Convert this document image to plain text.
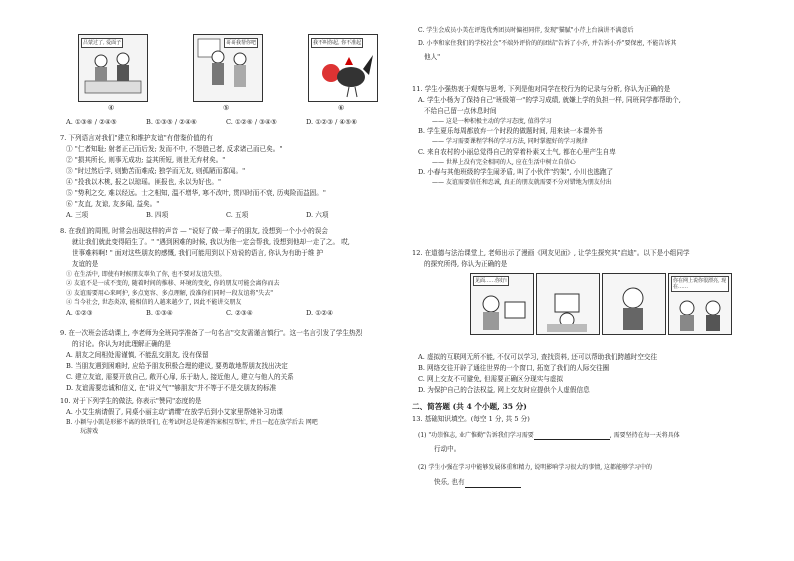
吕蒙过了, 爱面子	哥哥我帮你吧	我不叫你起, 你不准起
④	⑤	⑥
A. ①③⑥ / ②④⑤	B. ①③⑤ / ②④⑥	C. ①②⑥ / ③④⑤	D. ①②③ / ④⑤⑥
7. 下列语言对我们"建立和维护友谊"有借鉴价值的有
① "仁者知耻; 射者正己而后发; 发而不中, 不怨胜己者, 反求诸己而已矣。"
② "损其所长, 则事无成功; 益其所短, 则世无弃材矣。"
③ "时过然后学, 则勤苦而难成; 独学而无友, 则孤陋而寡闻。"
④ "投我以木桃, 报之以琼瑶。匪报也, 永以为好也。"
⑤ "势利之交, 难以经远。士之相知, 温不增华, 寒不改叶, 贯四时而不衰, 历夷险而益固。"
⑥ "友直, 友谅, 友多闻, 益矣。"
A. 三项	B. 四项	C. 五项	D. 六项
8. 在我们的周围, 时常会出现这样的声音 — "说好了做一辈子的朋友, 没想到一个小小的误会
就让我们就此变得陌生了。" "遇到困难的时候, 我以为他一定会帮我, 没想到他却一走了之。 哎,
世事难料啊! " 面对这些朋友的感慨, 我们可能用到以下劝说的语言, 你认为有助于维 护
友谊的是
① 在生活中, 即使有时候朋友辜负了你, 也不要对友谊失望。
② 友谊不是一成不变的, 随着时间的推移、环境的变化, 你的朋友可能会离你而去
③ 友谊需要用心来呵护, 多点宽容、多点理解, 没准你们同时一段友谊将"失去"
④ 当今社会, 世态炎凉, 能相信的人越来越少了, 因此不能讲交朋友
A. ①②③	B. ①③④	C. ②③④	D. ①②④
9. 在一次班会活动课上, 李老师为全班同学准备了一句名言"交友需谨言慎行"。这一名言引发了学生热烈
的讨论。你认为对此理解正确的是
A. 朋友之间相处需谨慎, 不能乱交朋友, 没有保留
B. 当朋友遇到困难时, 应给予朋友积极合理的建议, 要勇敢地帮朋友找出决定
C. 建立友谊, 需要开放自己, 敞开心扉, 乐于助人, 接近他人, 建立与他人的关系
D. 友谊需要忠诚和信义, 在"讲义气""够朋友"并不等于不是交朋友的标准
10. 对于下列学生的做法, 你表示"赞同"态度的是
A. 小艾生病请假了, 同桌小丽主动"请缨"在放学后到小艾家里帮她补习功课
B. 小颖与小凯是形影不离的铁哥们, 在考试时总是传递答案相互帮忙, 并且一起在放学后去 网吧
玩游戏
C. 学生会成员小美在评选优秀团员时偏袒同伴, 发现"猫腻"小芹上台演讲不满意后
D. 小李和家住我们的学校社会"不端外评价的的团结"告诉了小乔, 并告诉小乔"要保密, 不能告诉其
他人"
11. 学生小强热衷于观察与思考, 下列是他对同学在校行为的记录与分析, 你认为正确的是
A. 学生小杨为了保持自己"班级第一"的学习成绩, 就嫌上学的负担一样, 同班同学都帮助个,
不给自己留一点休息时间
—— 这是一种积极主动的学习态度, 值得学习
B. 学生夏乐每周都放弃一个时段的做题时间, 用来读一本课外书
—— 学习需要课程学科的学习方法, 同时掌握好的学习规律
C. 来自农村的小丽总觉得自己的穿着朴素又土气, 都在心里产生自卑
—— 世界上没有完全相同的人, 应在生活中树立自信心
D. 小春与其他班级的学生闹矛盾, 叫了小伙伴"约架", 小川也逃跑了
—— 友谊需要信任和忠诚, 真正的朋友就需要不分对错地为朋友付出
12. 在道德与法治课堂上, 老师出示了漫画《网友见面》, 让学生探究其"启迪"。以下是小组同学
的探究所得, 你认为正确的是
见面……你好!	你在网上说你很漂亮, 现在……
A. 虚拟的互联网无所不能, 不仅可以学习, 查找资料, 还可以帮助我们跨越时空交往
B. 网络交往开辟了通往世界的一个窗口, 拓宽了我们的人际交往圈
C. 网上交友不可避免, 但需要正确区分现实与虚拟
D. 为保护自己的合法权益, 网上交友时应提供个人虚假信息
二、简答题 (共 4 个小题, 35 分)
13. 基础知识填空。(每空 1 分, 共 5 分)
(1) "功崇惟志, 业广惟勤"告诉我们学习需要	, 需要坚持在每一天将具体
行动中。
(2) 学生小强在学习中能够发展体重和精力, 说明影响学习很大的事情, 这都能够学习中的
快乐, 也有
